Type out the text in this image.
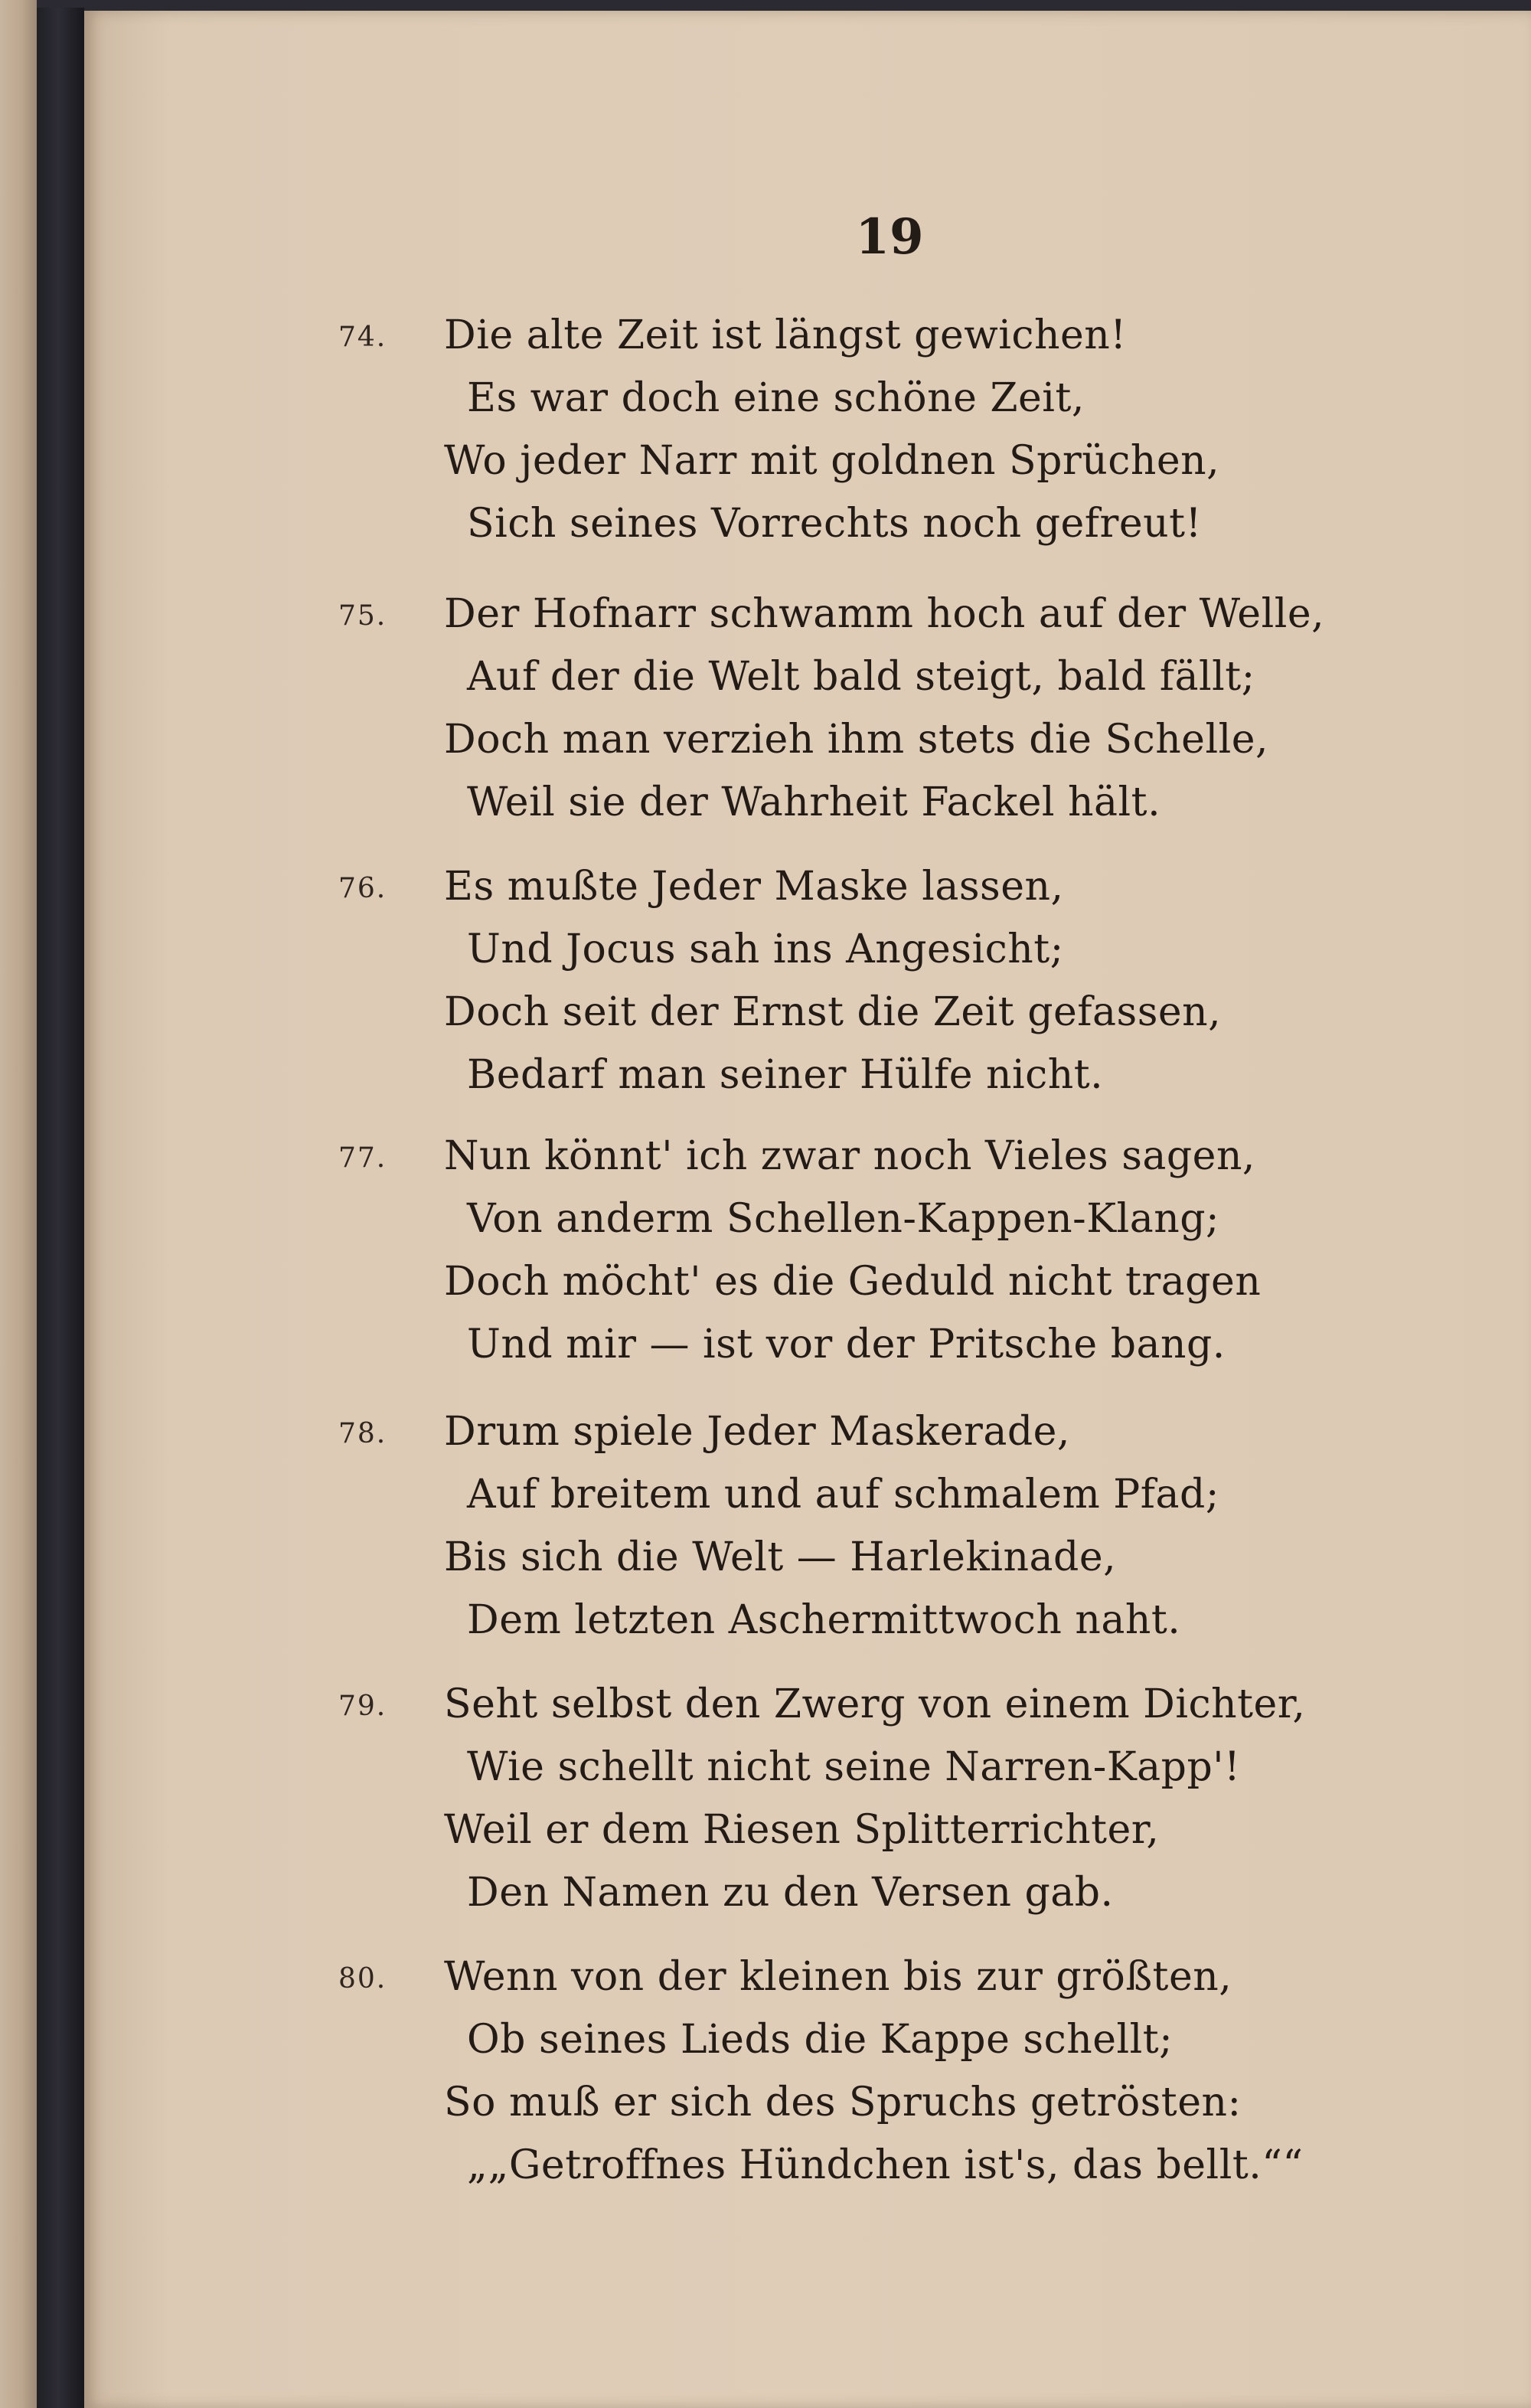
19
74. Die alte Zeit ist längst gewichen!
Es war doch eine schöne Zeit,
Wo jeder Narr mit goldnen Sprüchen,
Sich seines Vorrechts noch gefreut!
75. Der Hofnarr schwamm hoch auf der Welle,
Auf der die Welt bald steigt, bald fällt;
Doch man verzieh ihm stets die Schelle,
Weil sie der Wahrheit Fackel hält.
76. Es mußte Jeder Maske lassen,
Und Jocus sah ins Angesicht;
Doch seit der Ernst die Zeit gefassen,
Bedarf man seiner Hülfe nicht.
77. Nun könnt' ich zwar noch Vieles sagen,
Von anderm Schellen-Kappen-Klang;
Doch möcht' es die Geduld nicht tragen
Und mir — ist vor der Pritsche bang.
78. Drum spiele Jeder Maskerade,
Auf breitem und auf schmalem Pfad;
Bis sich die Welt — Harlekinade,
Dem letzten Aschermittwoch naht.
79. Seht selbst den Zwerg von einem Dichter,
Wie schellt nicht seine Narren-Kapp'!
Weil er dem Riesen Splitterrichter,
Den Namen zu den Versen gab.
80. Wenn von der kleinen bis zur größten,
Ob seines Lieds die Kappe schellt;
So muß er sich des Spruchs getrösten:
„„Getroffnes Hündchen ist's, das bellt.““
